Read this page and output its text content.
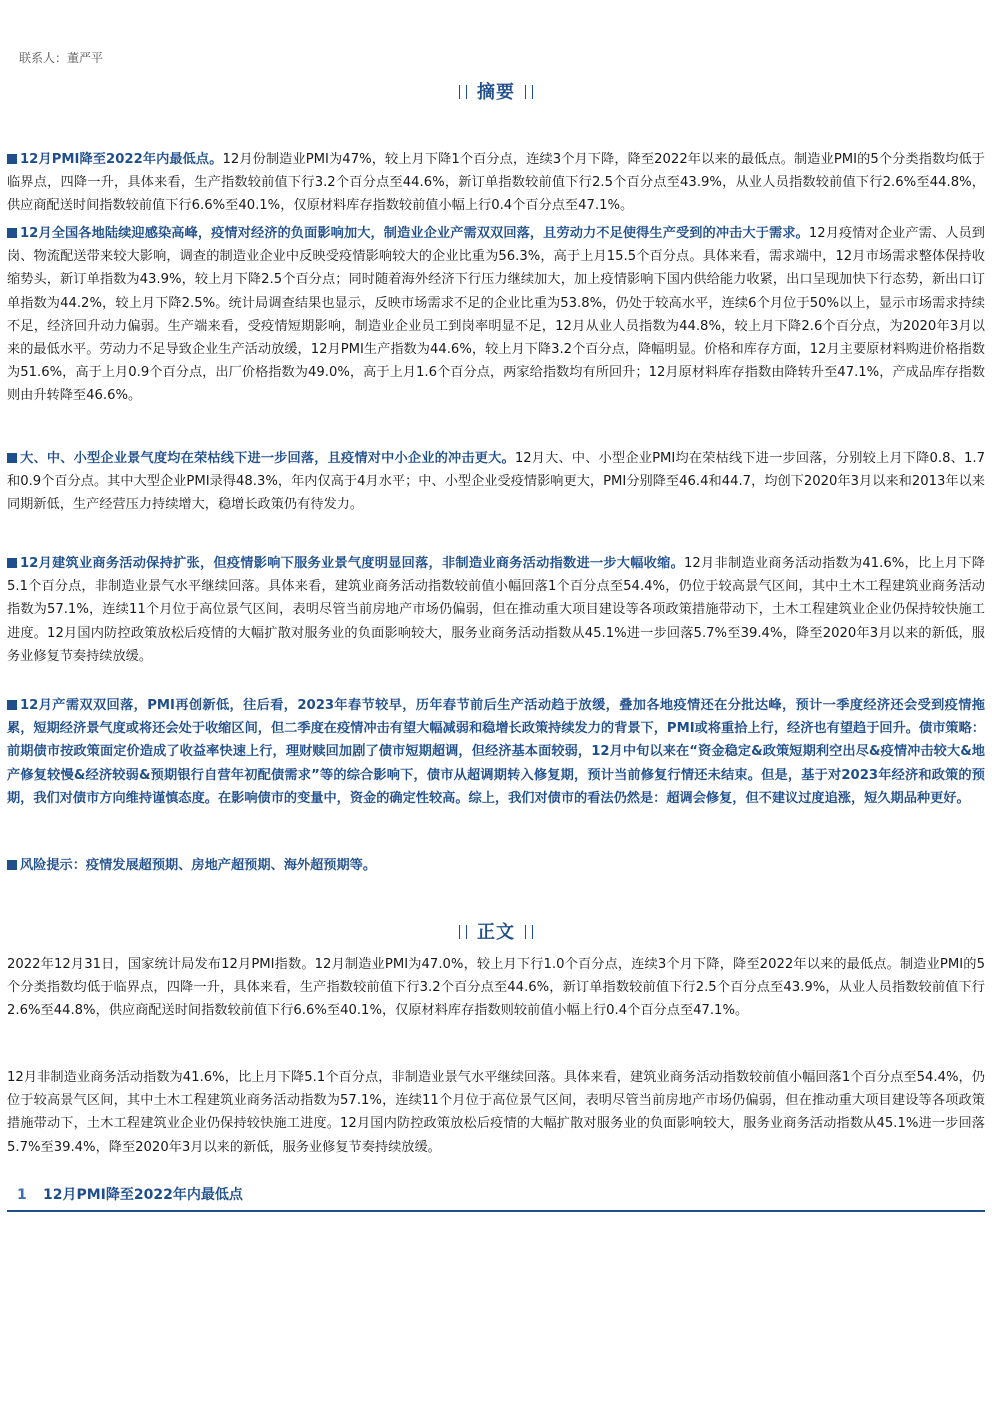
联系人：董严平
摘要
12月PMI降至2022年内最低点。12月份制造业PMI为47%，较上月下降1个百分点，连续3个月下降，降至2022年以来的最低点。制造业PMI的5个分类指数均低于临界点，四降一升，具体来看，生产指数较前值下行3.2个百分点至44.6%，新订单指数较前值下行2.5个百分点至43.9%，从业人员指数较前值下行2.6%至44.8%，供应商配送时间指数较前值下行6.6%至40.1%，仅原材料库存指数较前值小幅上行0.4个百分点至47.1%。
12月全国各地陆续迎感染高峰，疫情对经济的负面影响加大，制造业企业产需双双回落，且劳动力不足使得生产受到的冲击大于需求。12月疫情对企业产需、人员到岗、物流配送带来较大影响，调查的制造业企业中反映受疫情影响较大的企业比重为56.3%，高于上月15.5个百分点。具体来看，需求端中，12月市场需求整体保持收缩势头，新订单指数为43.9%，较上月下降2.5个百分点；同时随着海外经济下行压力继续加大，加上疫情影响下国内供给能力收紧，出口呈现加快下行态势，新出口订单指数为44.2%，较上月下降2.5%。统计局调查结果也显示，反映市场需求不足的企业比重为53.8%，仍处于较高水平，连续6个月位于50%以上，显示市场需求持续不足，经济回升动力偏弱。生产端来看，受疫情短期影响，制造业企业员工到岗率明显不足，12月从业人员指数为44.8%，较上月下降2.6个百分点，为2020年3月以来的最低水平。劳动力不足导致企业生产活动放缓，12月PMI生产指数为44.6%，较上月下降3.2个百分点，降幅明显。价格和库存方面，12月主要原材料购进价格指数为51.6%，高于上月0.9个百分点，出厂价格指数为49.0%，高于上月1.6个百分点，两家给指数均有所回升；12月原材料库存指数由降转升至47.1%，产成品库存指数则由升转降至46.6%。
大、中、小型企业景气度均在荣枯线下进一步回落，且疫情对中小企业的冲击更大。12月大、中、小型企业PMI均在荣枯线下进一步回落，分别较上月下降0.8、1.7和0.9个百分点。其中大型企业PMI录得48.3%，年内仅高于4月水平；中、小型企业受疫情影响更大，PMI分别降至46.4和44.7，均创下2020年3月以来和2013年以来同期新低，生产经营压力持续增大，稳增长政策仍有待发力。
12月建筑业商务活动保持扩张，但疫情影响下服务业景气度明显回落，非制造业商务活动指数进一步大幅收缩。12月非制造业商务活动指数为41.6%，比上月下降5.1个百分点，非制造业景气水平继续回落。具体来看，建筑业商务活动指数较前值小幅回落1个百分点至54.4%，仍位于较高景气区间，其中土木工程建筑业商务活动指数为57.1%，连续11个月位于高位景气区间，表明尽管当前房地产市场仍偏弱，但在推动重大项目建设等各项政策措施带动下，土木工程建筑业企业仍保持较快施工进度。12月国内防控政策放松后疫情的大幅扩散对服务业的负面影响较大，服务业商务活动指数从45.1%进一步回落5.7%至39.4%，降至2020年3月以来的新低，服务业修复节奏持续放缓。
12月产需双双回落，PMI再创新低，往后看，2023年春节较早，历年春节前后生产活动趋于放缓，叠加各地疫情还在分批达峰，预计一季度经济还会受到疫情拖累，短期经济景气度或将还会处于收缩区间，但二季度在疫情冲击有望大幅减弱和稳增长政策持续发力的背景下，PMI或将重拾上行，经济也有望趋于回升。债市策略：前期债市按政策面定价造成了收益率快速上行，理财赎回加剧了债市短期超调，但经济基本面较弱，12月中旬以来在“资金稳定&政策短期利空出尽&疫情冲击较大&地产修复较慢&经济较弱&预期银行自营年初配债需求”等的综合影响下，债市从超调期转入修复期，预计当前修复行情还未结束。但是，基于对2023年经济和政策的预期，我们对债市方向维持谨慎态度。在影响债市的变量中，资金的确定性较高。综上，我们对债市的看法仍然是：超调会修复，但不建议过度追涨，短久期品种更好。
风险提示：疫情发展超预期、房地产超预期、海外超预期等。
正文
2022年12月31日，国家统计局发布12月PMI指数。12月制造业PMI为47.0%，较上月下行1.0个百分点，连续3个月下降，降至2022年以来的最低点。制造业PMI的5个分类指数均低于临界点，四降一升，具体来看，生产指数较前值下行3.2个百分点至44.6%，新订单指数较前值下行2.5个百分点至43.9%，从业人员指数较前值下行2.6%至44.8%，供应商配送时间指数较前值下行6.6%至40.1%，仅原材料库存指数则较前值小幅上行0.4个百分点至47.1%。
12月非制造业商务活动指数为41.6%，比上月下降5.1个百分点，非制造业景气水平继续回落。具体来看，建筑业商务活动指数较前值小幅回落1个百分点至54.4%，仍位于较高景气区间，其中土木工程建筑业商务活动指数为57.1%，连续11个月位于高位景气区间，表明尽管当前房地产市场仍偏弱，但在推动重大项目建设等各项政策措施带动下，土木工程建筑业企业仍保持较快施工进度。12月国内防控政策放松后疫情的大幅扩散对服务业的负面影响较大，服务业商务活动指数从45.1%进一步回落5.7%至39.4%，降至2020年3月以来的新低，服务业修复节奏持续放缓。
1 12月PMI降至2022年内最低点
